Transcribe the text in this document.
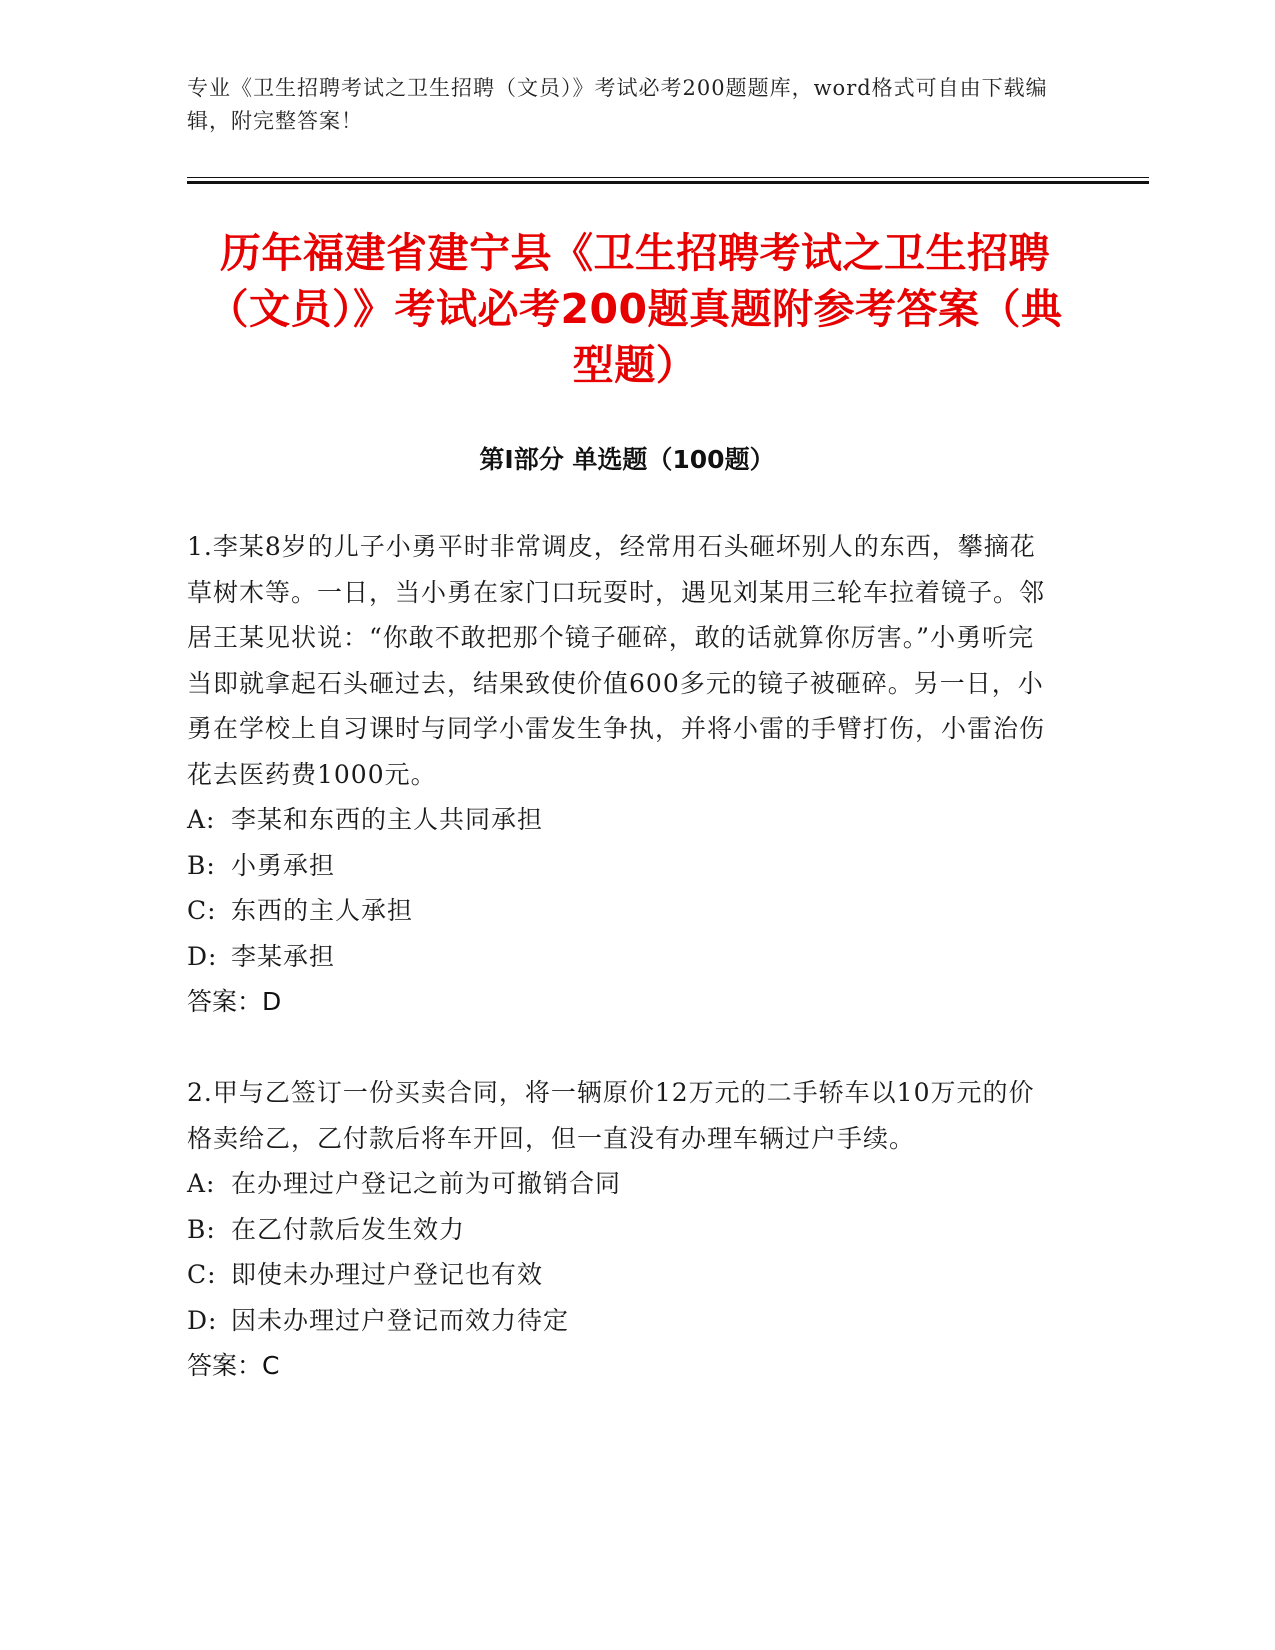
专业《卫生招聘考试之卫生招聘（文员）》考试必考200题题库，word格式可自由下载编辑，附完整答案！
历年福建省建宁县《卫生招聘考试之卫生招聘（文员）》考试必考200题真题附参考答案（典型题）
第Ⅰ部分 单选题（100题）
1.李某8岁的儿子小勇平时非常调皮，经常用石头砸坏别人的东西，攀摘花草树木等。一日，当小勇在家门口玩耍时，遇见刘某用三轮车拉着镜子。邻居王某见状说：“你敢不敢把那个镜子砸碎，敢的话就算你厉害。”小勇听完当即就拿起石头砸过去，结果致使价值600多元的镜子被砸碎。另一日，小勇在学校上自习课时与同学小雷发生争执，并将小雷的手臂打伤，小雷治伤花去医药费1000元。
A: 李某和东西的主人共同承担
B: 小勇承担
C: 东西的主人承担
D: 李某承担
答案：D
2.甲与乙签订一份买卖合同，将一辆原价12万元的二手轿车以10万元的价格卖给乙，乙付款后将车开回，但一直没有办理车辆过户手续。
A: 在办理过户登记之前为可撤销合同
B: 在乙付款后发生效力
C: 即使未办理过户登记也有效
D: 因未办理过户登记而效力待定
答案：C
